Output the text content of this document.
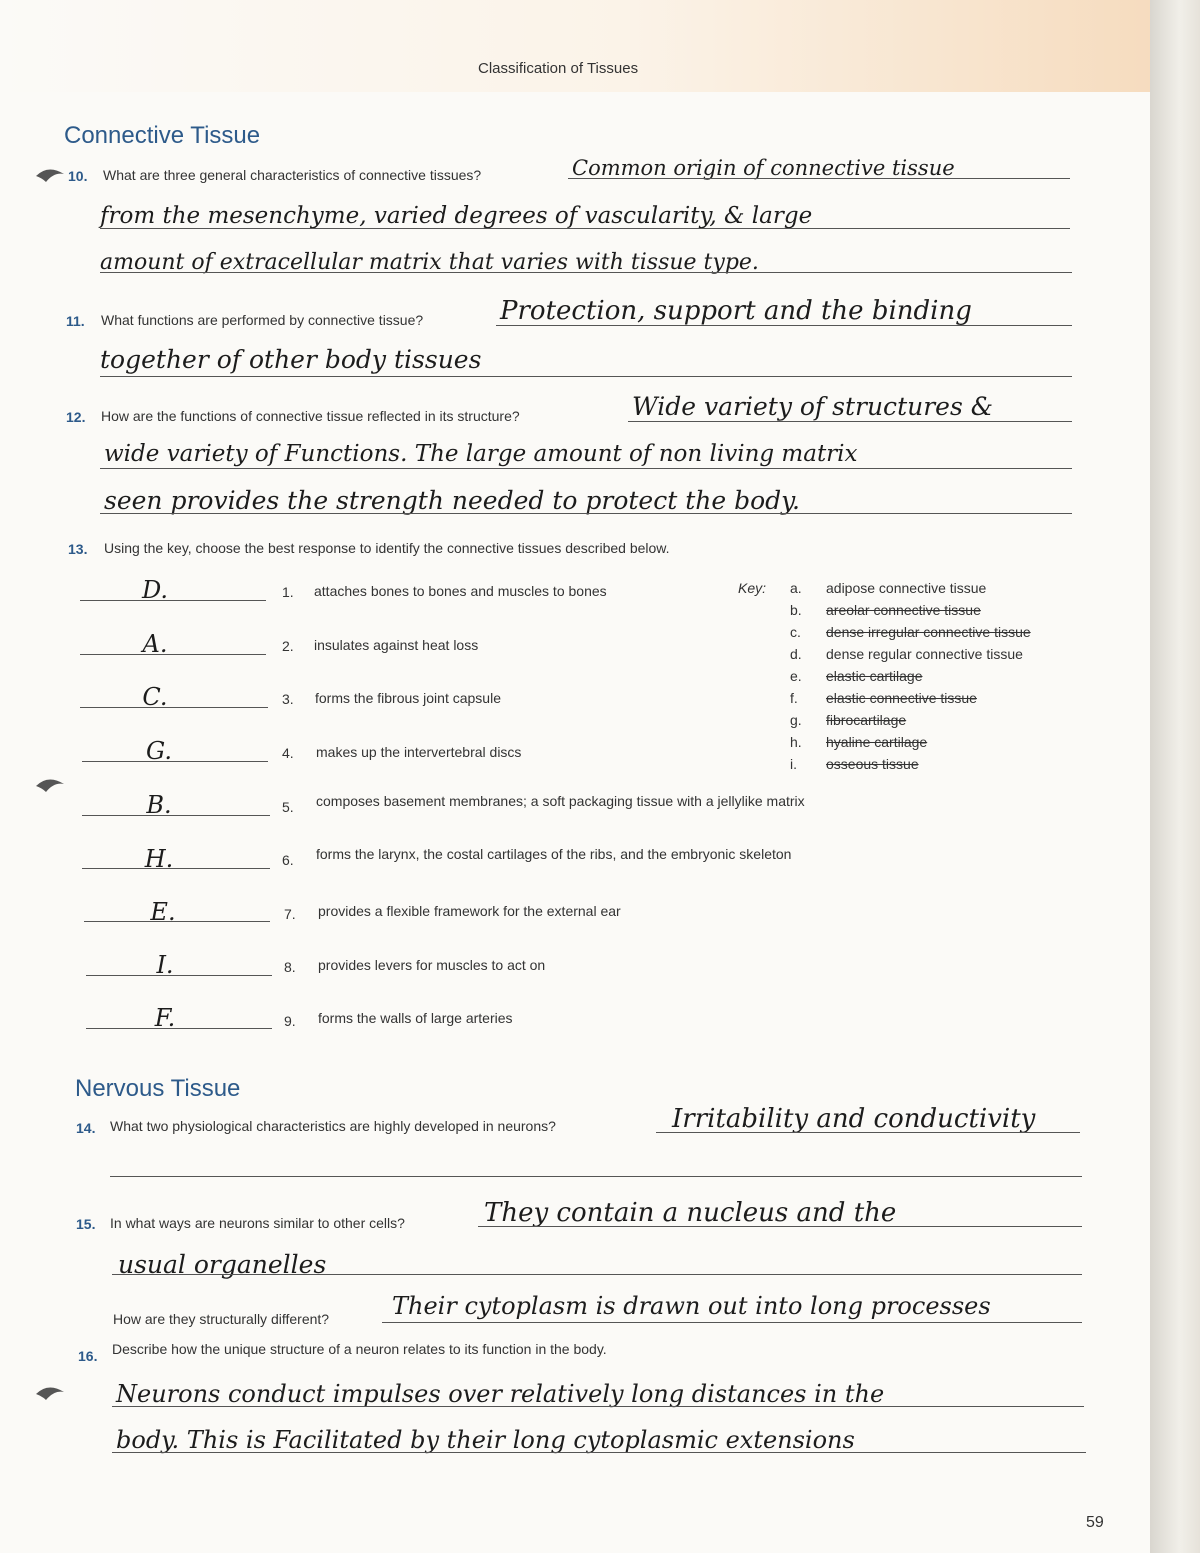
Classification of Tissues
Connective Tissue
10. What are three general characteristics of connective tissues?	Common origin of connective tissue
from the mesenchyme, varied degrees of vascularity, & large
amount of extracellular matrix that varies with tissue type.
11. What functions are performed by connective tissue?	Protection, support and the binding
together of other body tissues
12. How are the functions of connective tissue reflected in its structure?	Wide variety of structures &
wide variety of Functions. The large amount of non living matrix
seen provides the strength needed to protect the body.
13. Using the key, choose the best response to identify the connective tissues described below.
D.	1. attaches bones to bones and muscles to bones
A.	2. insulates against heat loss
C.	3. forms the fibrous joint capsule
G.	4. makes up the intervertebral discs
B.	5. composes basement membranes; a soft packaging tissue with a jellylike matrix
H.	6. forms the larynx, the costal cartilages of the ribs, and the embryonic skeleton
E.	7. provides a flexible framework for the external ear
I.	8. provides levers for muscles to act on
F.	9. forms the walls of large arteries
Key: a. adipose connective tissue
b. areolar connective tissue
c. dense irregular connective tissue
d. dense regular connective tissue
e. elastic cartilage
f. elastic connective tissue
g. fibrocartilage
h. hyaline cartilage
i. osseous tissue
Nervous Tissue
14. What two physiological characteristics are highly developed in neurons?	Irritability and conductivity
15. In what ways are neurons similar to other cells?	They contain a nucleus and the
usual organelles
How are they structurally different?	Their cytoplasm is drawn out into long processes
16. Describe how the unique structure of a neuron relates to its function in the body.
Neurons conduct impulses over relatively long distances in the
body. This is Facilitated by their long cytoplasmic extensions
59
